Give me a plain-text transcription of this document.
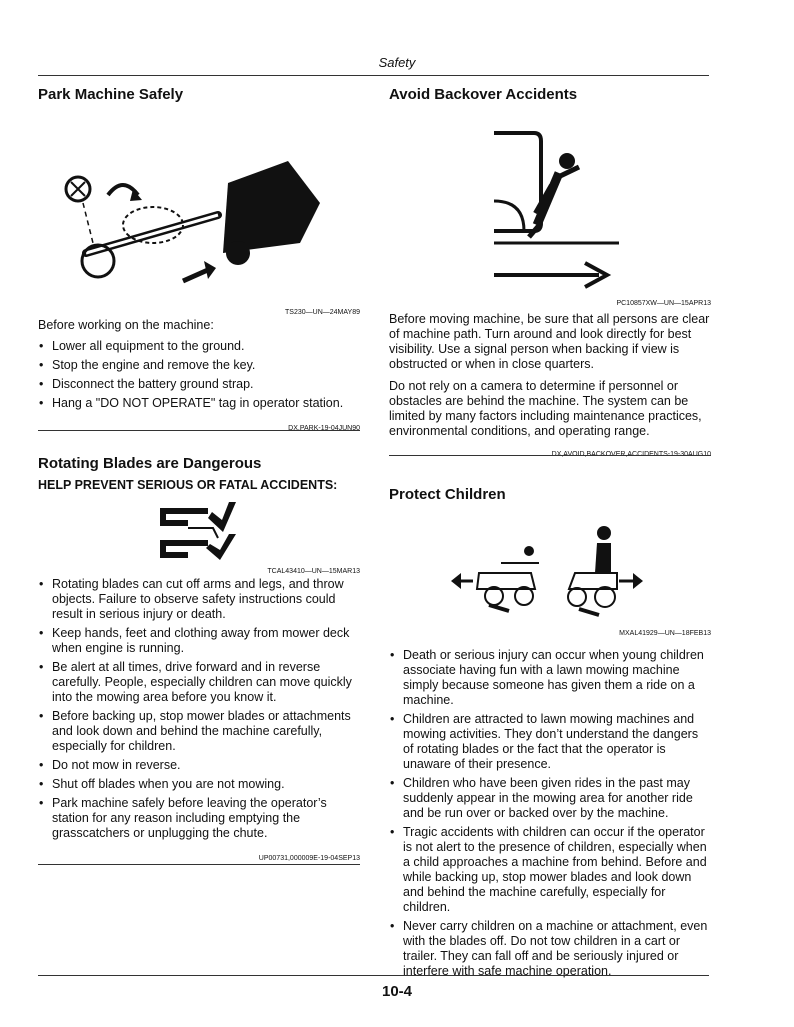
Safety
Park Machine Safely
TS230—UN—24MAY89

Before working on the machine:

• Lower all equipment to the ground.
• Stop the engine and remove the key.
• Disconnect the battery ground strap.
• Hang a "DO NOT OPERATE" tag in operator station.
DX,PARK-19-04JUN90
Rotating Blades are Dangerous
HELP PREVENT SERIOUS OR FATAL ACCIDENTS:
TCAL43410—UN—15MAR13
• Rotating blades can cut off arms and legs, and throw objects. Failure to observe safety instructions could result in serious injury or death.
• Keep hands, feet and clothing away from mower deck when engine is running.
• Be alert at all times, drive forward and in reverse carefully. People, especially children can move quickly into the mowing area before you know it.
• Before backing up, stop mower blades or attachments and look down and behind the machine carefully, especially for children.
• Do not mow in reverse.
• Shut off blades when you are not mowing.
• Park machine safely before leaving the operator’s station for any reason including emptying the grasscatchers or unplugging the chute.
UP00731,000009E-19-04SEP13
Avoid Backover Accidents
PC10857XW—UN—15APR13

Before moving machine, be sure that all persons are clear of machine path. Turn around and look directly for best visibility. Use a signal person when backing if view is obstructed or when in close quarters.

Do not rely on a camera to determine if personnel or obstacles are behind the machine. The system can be limited by many factors including maintenance practices, environmental conditions, and operating range.

DX,AVOID,BACKOVER,ACCIDENTS-19-30AUG10
Protect Children
MXAL41929—UN—18FEB13
• Death or serious injury can occur when young children associate having fun with a lawn mowing machine simply because someone has given them a ride on a machine.
• Children are attracted to lawn mowing machines and mowing activities. They don’t understand the dangers of rotating blades or the fact that the operator is unaware of their presence.
• Children who have been given rides in the past may suddenly appear in the mowing area for another ride and be run over or backed over by the machine.
• Tragic accidents with children can occur if the operator is not alert to the presence of children, especially when a child approaches a machine from behind. Before and while backing up, stop mower blades and look down and behind the machine carefully, especially for children.
• Never carry children on a machine or attachment, even with the blades off. Do not tow children in a cart or trailer. They can fall off and be seriously injured or interfere with safe machine operation.
10-4
